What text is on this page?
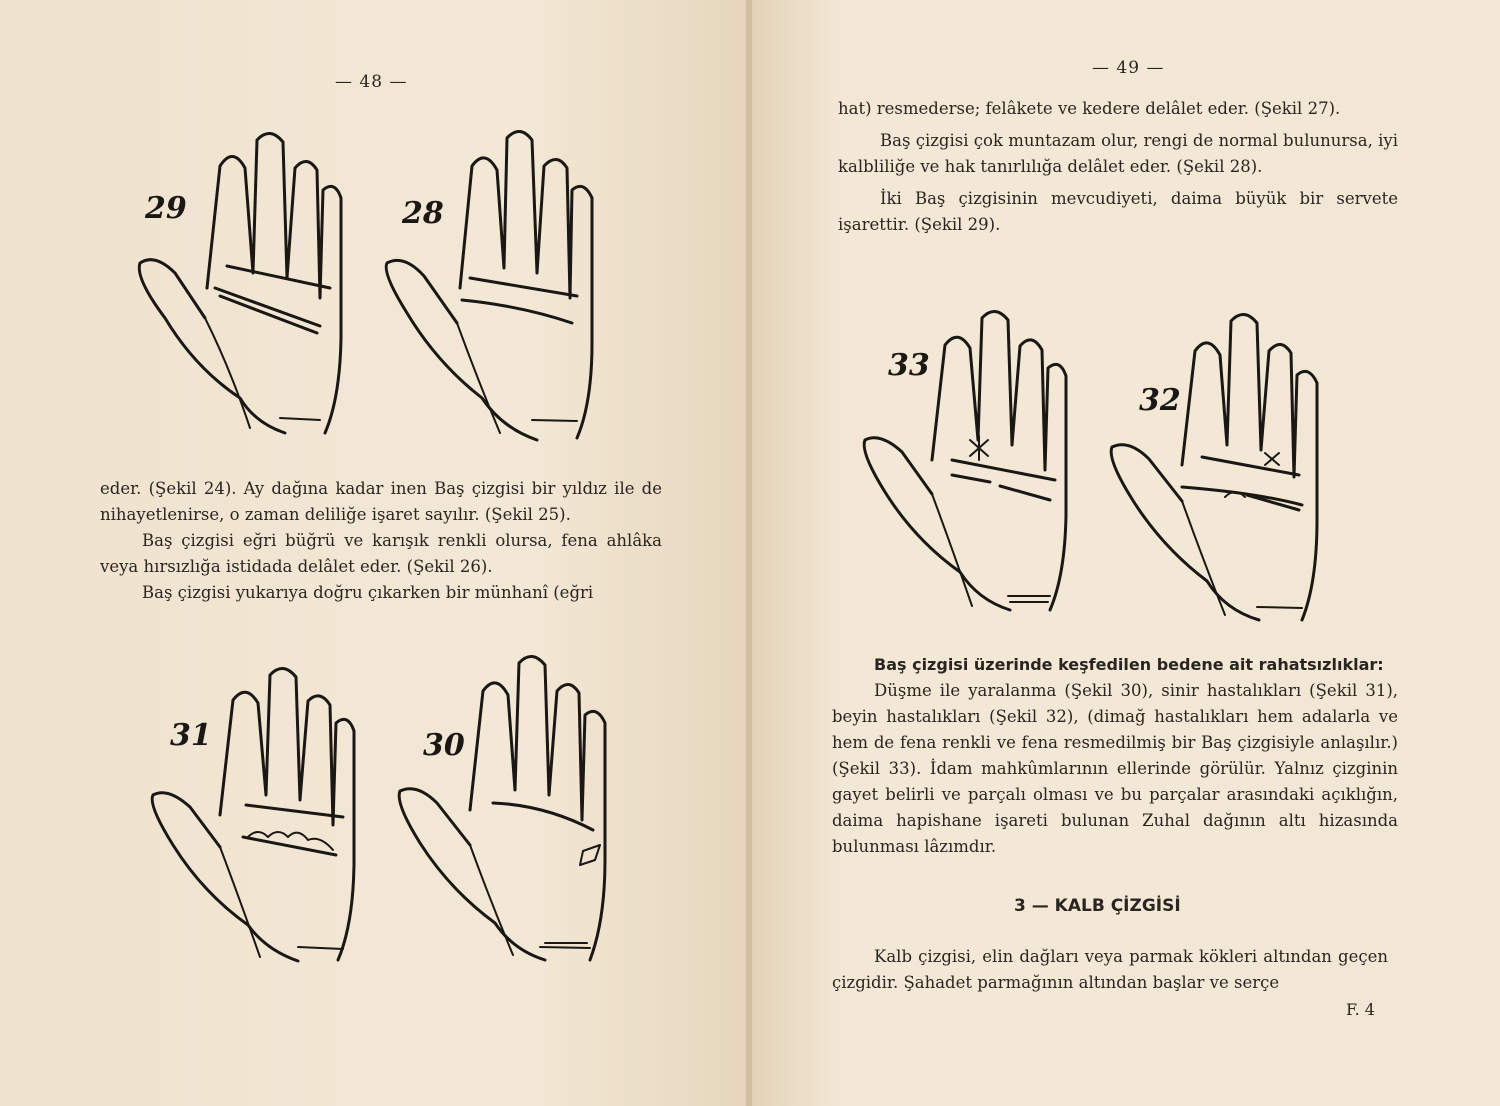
— 48 —
29	28

eder. (Şekil 24). Ay dağına kadar inen Baş çizgisi bir yıldız ile de nihayetlenirse, o zaman deliliğe işaret sayılır. (Şekil 25).

Baş çizgisi eğri büğrü ve karışık renkli olursa, fena ahlâka veya hırsızlığa istidada delâlet eder. (Şekil 26).

Baş çizgisi yukarıya doğru çıkarken bir münhanî (eğri

31	30
— 49 —

hat) resmederse; felâkete ve kedere delâlet eder. (Şekil 27).

Baş çizgisi çok muntazam olur, rengi de normal bulunursa, iyi kalbliliğe ve hak tanırlılığa delâlet eder. (Şekil 28).

İki Baş çizgisinin mevcudiyeti, daima büyük bir servete işarettir. (Şekil 29).

33
32

Baş çizgisi üzerinde keşfedilen bedene ait rahatsızlıklar:

Düşme ile yaralanma (Şekil 30), sinir hastalıkları (Şekil 31), beyin hastalıkları (Şekil 32), (dimağ hastalıkları hem adalarla ve hem de fena renkli ve fena resmedilmiş bir Baş çizgisiyle anlaşılır.) (Şekil 33). İdam mahkûmlarının ellerinde görülür. Yalnız çizginin gayet belirli ve parçalı olması ve bu parçalar arasındaki açıklığın, daima hapishane işareti bulunan Zuhal dağının altı hizasında bulunması lâzımdır.

3 — KALB ÇİZGİSİ

Kalb çizgisi, elin dağları veya parmak kökleri altından geçen çizgidir. Şahadet parmağının altından başlar ve serçe

F. 4
